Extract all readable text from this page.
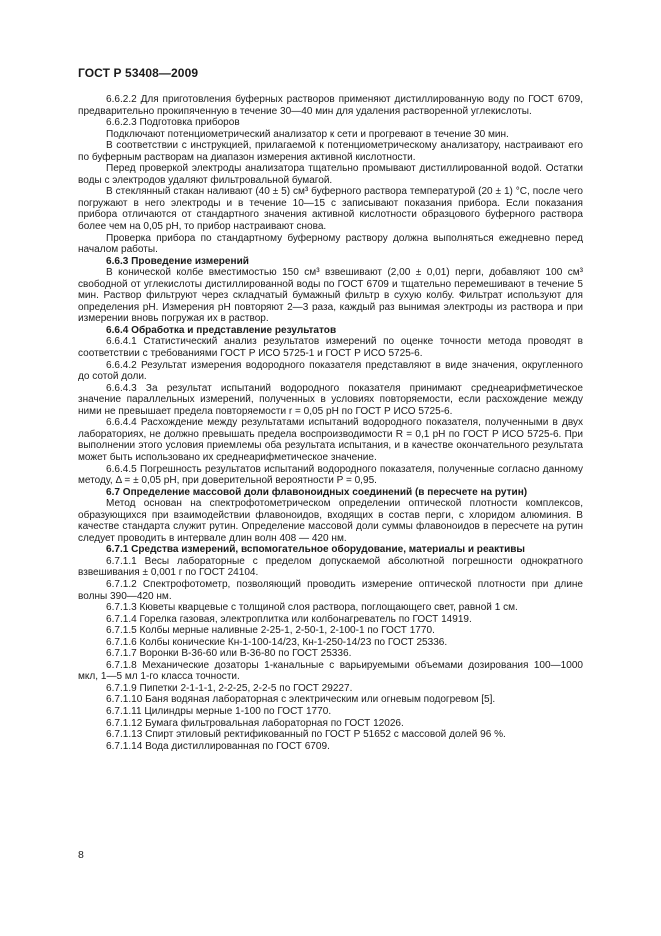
ГОСТ Р 53408—2009

6.6.2.2 Для приготовления буферных растворов применяют дистиллированную воду по ГОСТ 6709, предварительно прокипяченную в течение 30—40 мин для удаления растворенной углекислоты.

6.6.2.3 Подготовка приборов

Подключают потенциометрический анализатор к сети и прогревают в течение 30 мин.

В соответствии с инструкцией, прилагаемой к потенциометрическому анализатору, настраивают его по буферным растворам на диапазон измерения активной кислотности.

Перед проверкой электроды анализатора тщательно промывают дистиллированной водой. Остатки воды с электродов удаляют фильтровальной бумагой.

В стеклянный стакан наливают (40 ± 5) см³ буферного раствора температурой (20 ± 1) °С, после чего погружают в него электроды и в течение 10—15 с записывают показания прибора. Если показания прибора отличаются от стандартного значения активной кислотности образцового буферного раствора более чем на 0,05 pH, то прибор настраивают снова.

Проверка прибора по стандартному буферному раствору должна выполняться ежедневно перед началом работы.

6.6.3 Проведение измерений

В конической колбе вместимостью 150 см³ взвешивают (2,00 ± 0,01) перги, добавляют 100 см³ свободной от углекислоты дистиллированной воды по ГОСТ 6709 и тщательно перемешивают в течение 5 мин. Раствор фильтруют через складчатый бумажный фильтр в сухую колбу. Фильтрат используют для определения pH. Измерения pH повторяют 2—3 раза, каждый раз вынимая электроды из раствора и при измерении вновь погружая их в раствор.

6.6.4 Обработка и представление результатов

6.6.4.1 Статистический анализ результатов измерений по оценке точности метода проводят в соответствии с требованиями ГОСТ Р ИСО 5725-1 и ГОСТ Р ИСО 5725-6.

6.6.4.2 Результат измерения водородного показателя представляют в виде значения, округленного до сотой доли.

6.6.4.3 За результат испытаний водородного показателя принимают среднеарифметическое значение параллельных измерений, полученных в условиях повторяемости, если расхождение между ними не превышает предела повторяемости r = 0,05 pH по ГОСТ Р ИСО 5725-6.

6.6.4.4 Расхождение между результатами испытаний водородного показателя, полученными в двух лабораториях, не должно превышать предела воспроизводимости R = 0,1 pH по ГОСТ Р ИСО 5725-6. При выполнении этого условия приемлемы оба результата испытания, и в качестве окончательного результата может быть использовано их среднеарифметическое значение.

6.6.4.5 Погрешность результатов испытаний водородного показателя, полученные согласно данному методу, Δ = ± 0,05 pH, при доверительной вероятности P = 0,95.

6.7 Определение массовой доли флавоноидных соединений (в пересчете на рутин)

Метод основан на спектрофотометрическом определении оптической плотности комплексов, образующихся при взаимодействии флавоноидов, входящих в состав перги, с хлоридом алюминия. В качестве стандарта служит рутин. Определение массовой доли суммы флавоноидов в пересчете на рутин следует проводить в интервале длин волн 408 — 420 нм.

6.7.1 Средства измерений, вспомогательное оборудование, материалы и реактивы

6.7.1.1 Весы лабораторные с пределом допускаемой абсолютной погрешности однократного взвешивания ± 0,001 г по ГОСТ 24104.

6.7.1.2 Спектрофотометр, позволяющий проводить измерение оптической плотности при длине волны 390—420 нм.

6.7.1.3 Кюветы кварцевые с толщиной слоя раствора, поглощающего свет, равной 1 см.

6.7.1.4 Горелка газовая, электроплитка или колбонагреватель по ГОСТ 14919.

6.7.1.5 Колбы мерные наливные 2-25-1, 2-50-1, 2-100-1 по ГОСТ 1770.

6.7.1.6 Колбы конические Кн-1-100-14/23, Кн-1-250-14/23 по ГОСТ 25336.

6.7.1.7 Воронки В-36-60 или В-36-80 по ГОСТ 25336.

6.7.1.8 Механические дозаторы 1-канальные с варьируемыми объемами дозирования 100—1000 мкл, 1—5 мл 1-го класса точности.

6.7.1.9 Пипетки 2-1-1-1, 2-2-25, 2-2-5 по ГОСТ 29227.

6.7.1.10 Баня водяная лабораторная с электрическим или огневым подогревом [5].

6.7.1.11 Цилиндры мерные 1-100 по ГОСТ 1770.

6.7.1.12 Бумага фильтровальная лабораторная по ГОСТ 12026.

6.7.1.13 Спирт этиловый ректификованный по ГОСТ Р 51652 с массовой долей 96 %.

6.7.1.14 Вода дистиллированная по ГОСТ 6709.

8
